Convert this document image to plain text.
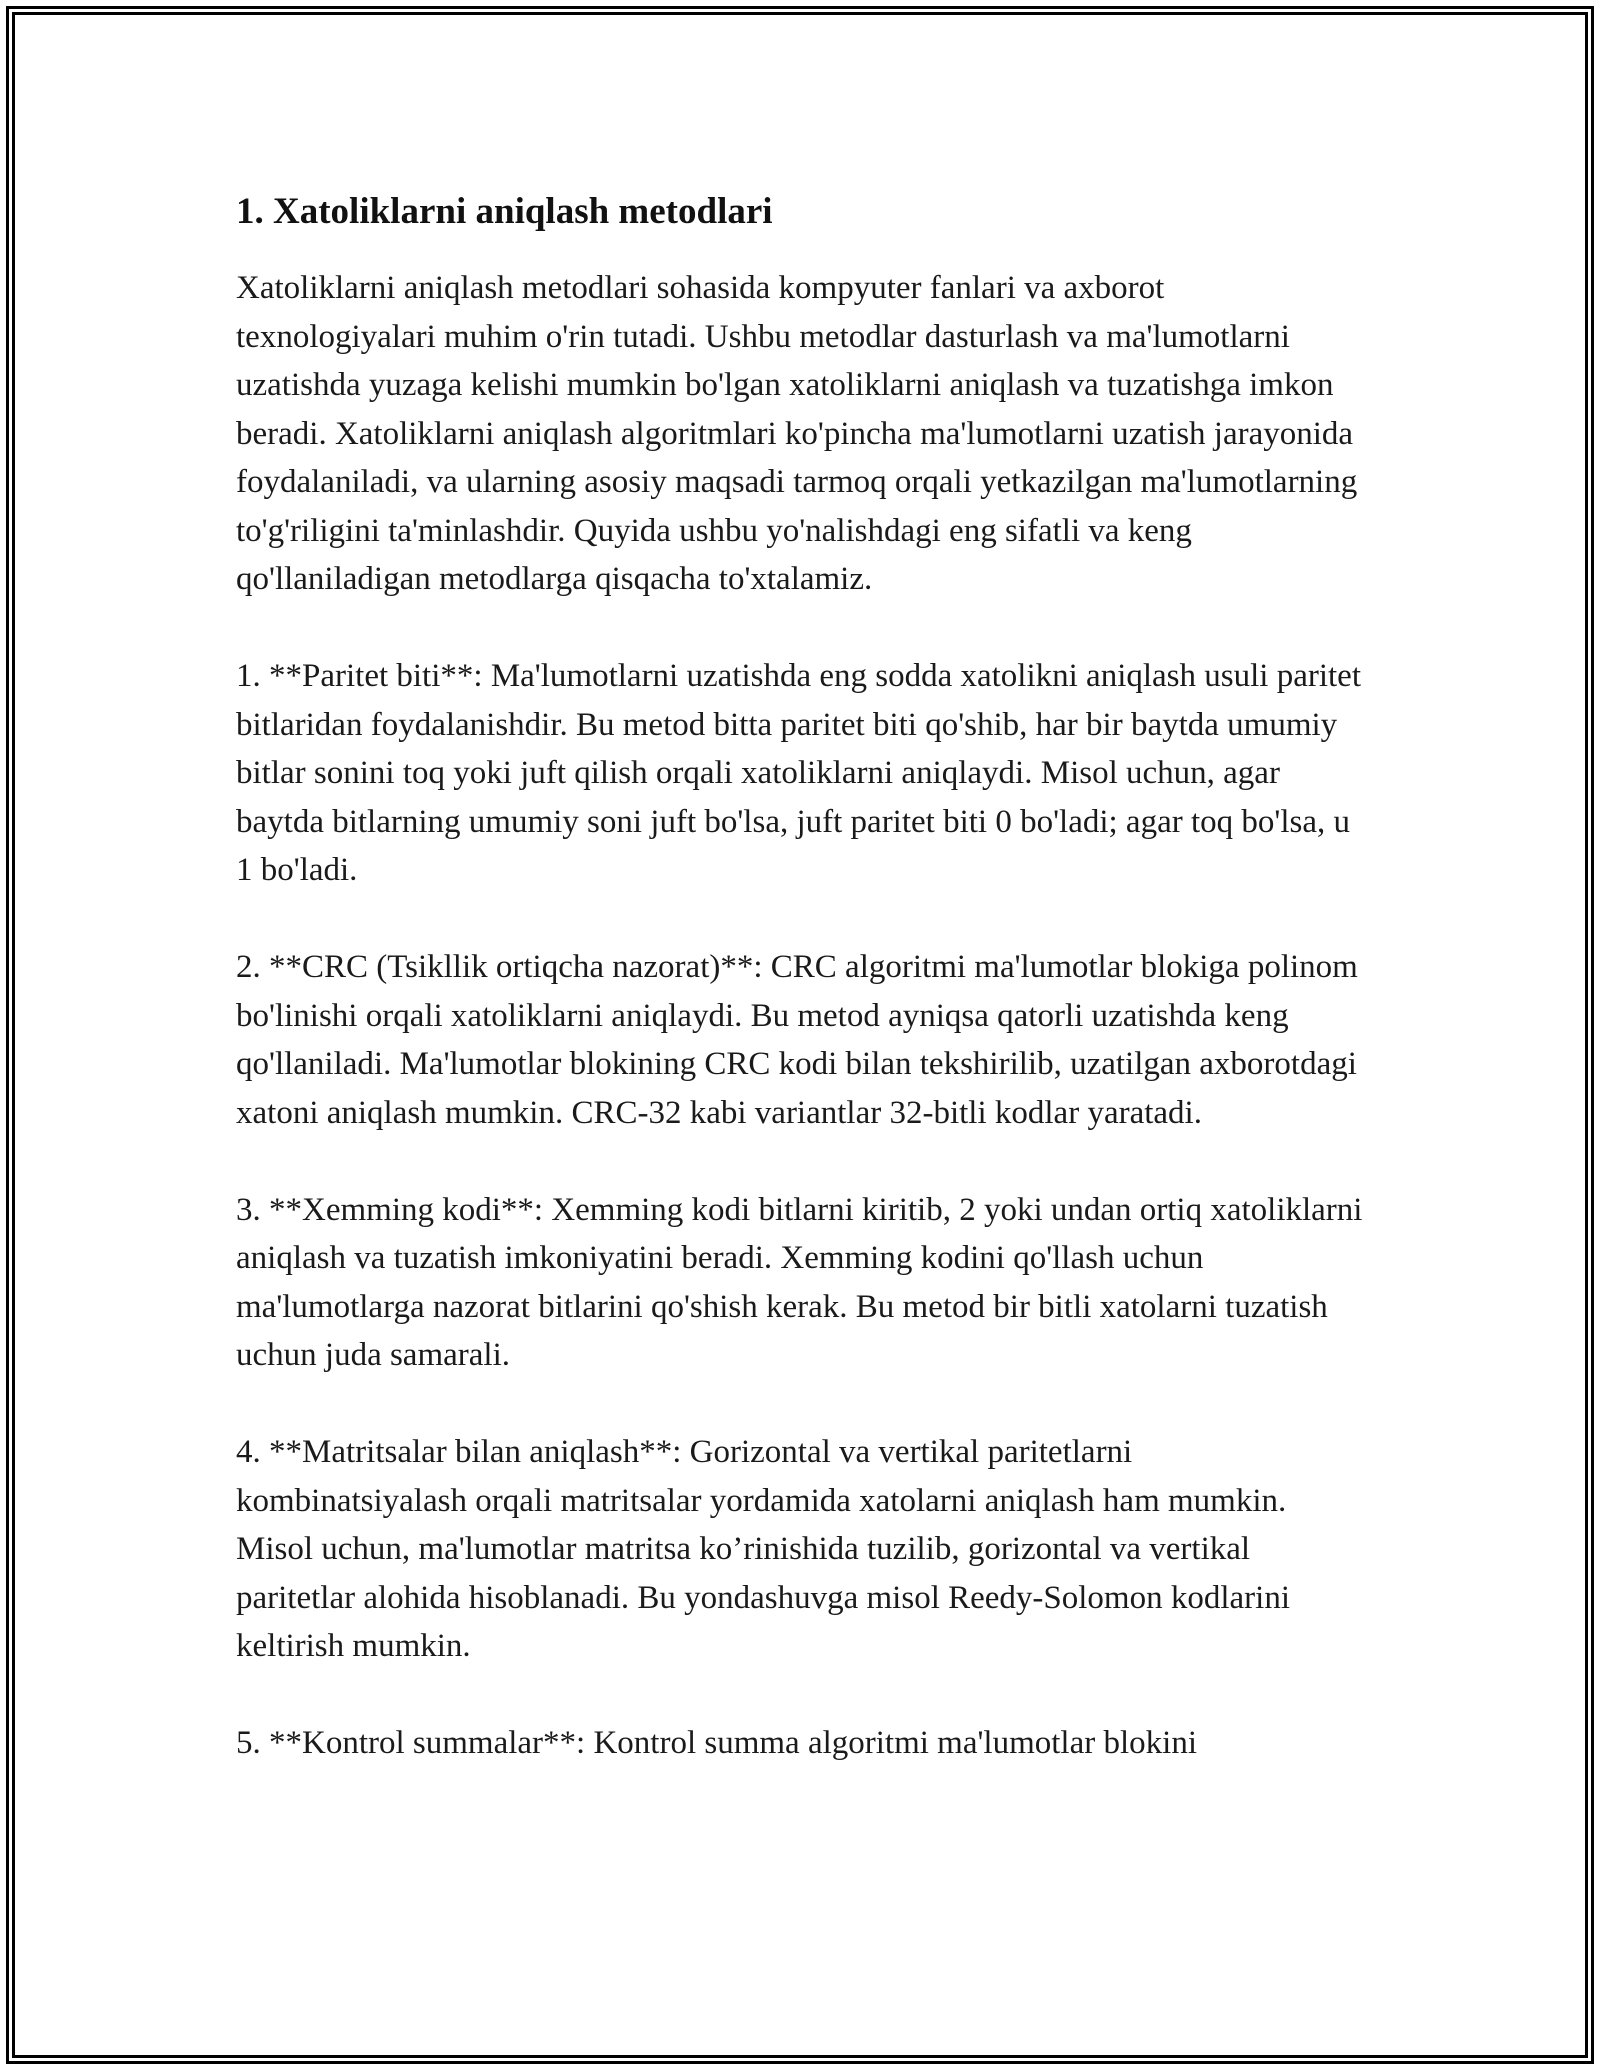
1. Xatoliklarni aniqlash metodlari

Xatoliklarni aniqlash metodlari sohasida kompyuter fanlari va axborot texnologiyalari muhim o'rin tutadi. Ushbu metodlar dasturlash va ma'lumotlarni uzatishda yuzaga kelishi mumkin bo'lgan xatoliklarni aniqlash va tuzatishga imkon beradi. Xatoliklarni aniqlash algoritmlari ko'pincha ma'lumotlarni uzatish jarayonida foydalaniladi, va ularning asosiy maqsadi tarmoq orqali yetkazilgan ma'lumotlarning to'g'riligini ta'minlashdir. Quyida ushbu yo'nalishdagi eng sifatli va keng qo'llaniladigan metodlarga qisqacha to'xtalamiz.

1. **Paritet biti**: Ma'lumotlarni uzatishda eng sodda xatolikni aniqlash usuli paritet bitlaridan foydalanishdir. Bu metod bitta paritet biti qo'shib, har bir baytda umumiy bitlar sonini toq yoki juft qilish orqali xatoliklarni aniqlaydi. Misol uchun, agar baytda bitlarning umumiy soni juft bo'lsa, juft paritet biti 0 bo'ladi; agar toq bo'lsa, u 1 bo'ladi.

2. **CRC (Tsikllik ortiqcha nazorat)**: CRC algoritmi ma'lumotlar blokiga polinom bo'linishi orqali xatoliklarni aniqlaydi. Bu metod ayniqsa qatorli uzatishda keng qo'llaniladi. Ma'lumotlar blokining CRC kodi bilan tekshirilib, uzatilgan axborotdagi xatoni aniqlash mumkin. CRC-32 kabi variantlar 32-bitli kodlar yaratadi.

3. **Xemming kodi**: Xemming kodi bitlarni kiritib, 2 yoki undan ortiq xatoliklarni aniqlash va tuzatish imkoniyatini beradi. Xemming kodini qo'llash uchun ma'lumotlarga nazorat bitlarini qo'shish kerak. Bu metod bir bitli xatolarni tuzatish uchun juda samarali.

4. **Matritsalar bilan aniqlash**: Gorizontal va vertikal paritetlarni kombinatsiyalash orqali matritsalar yordamida xatolarni aniqlash ham mumkin. Misol uchun, ma'lumotlar matritsa ko’rinishida tuzilib, gorizontal va vertikal paritetlar alohida hisoblanadi. Bu yondashuvga misol Reedy-Solomon kodlarini keltirish mumkin.

5. **Kontrol summalar**: Kontrol summa algoritmi ma'lumotlar blokini
